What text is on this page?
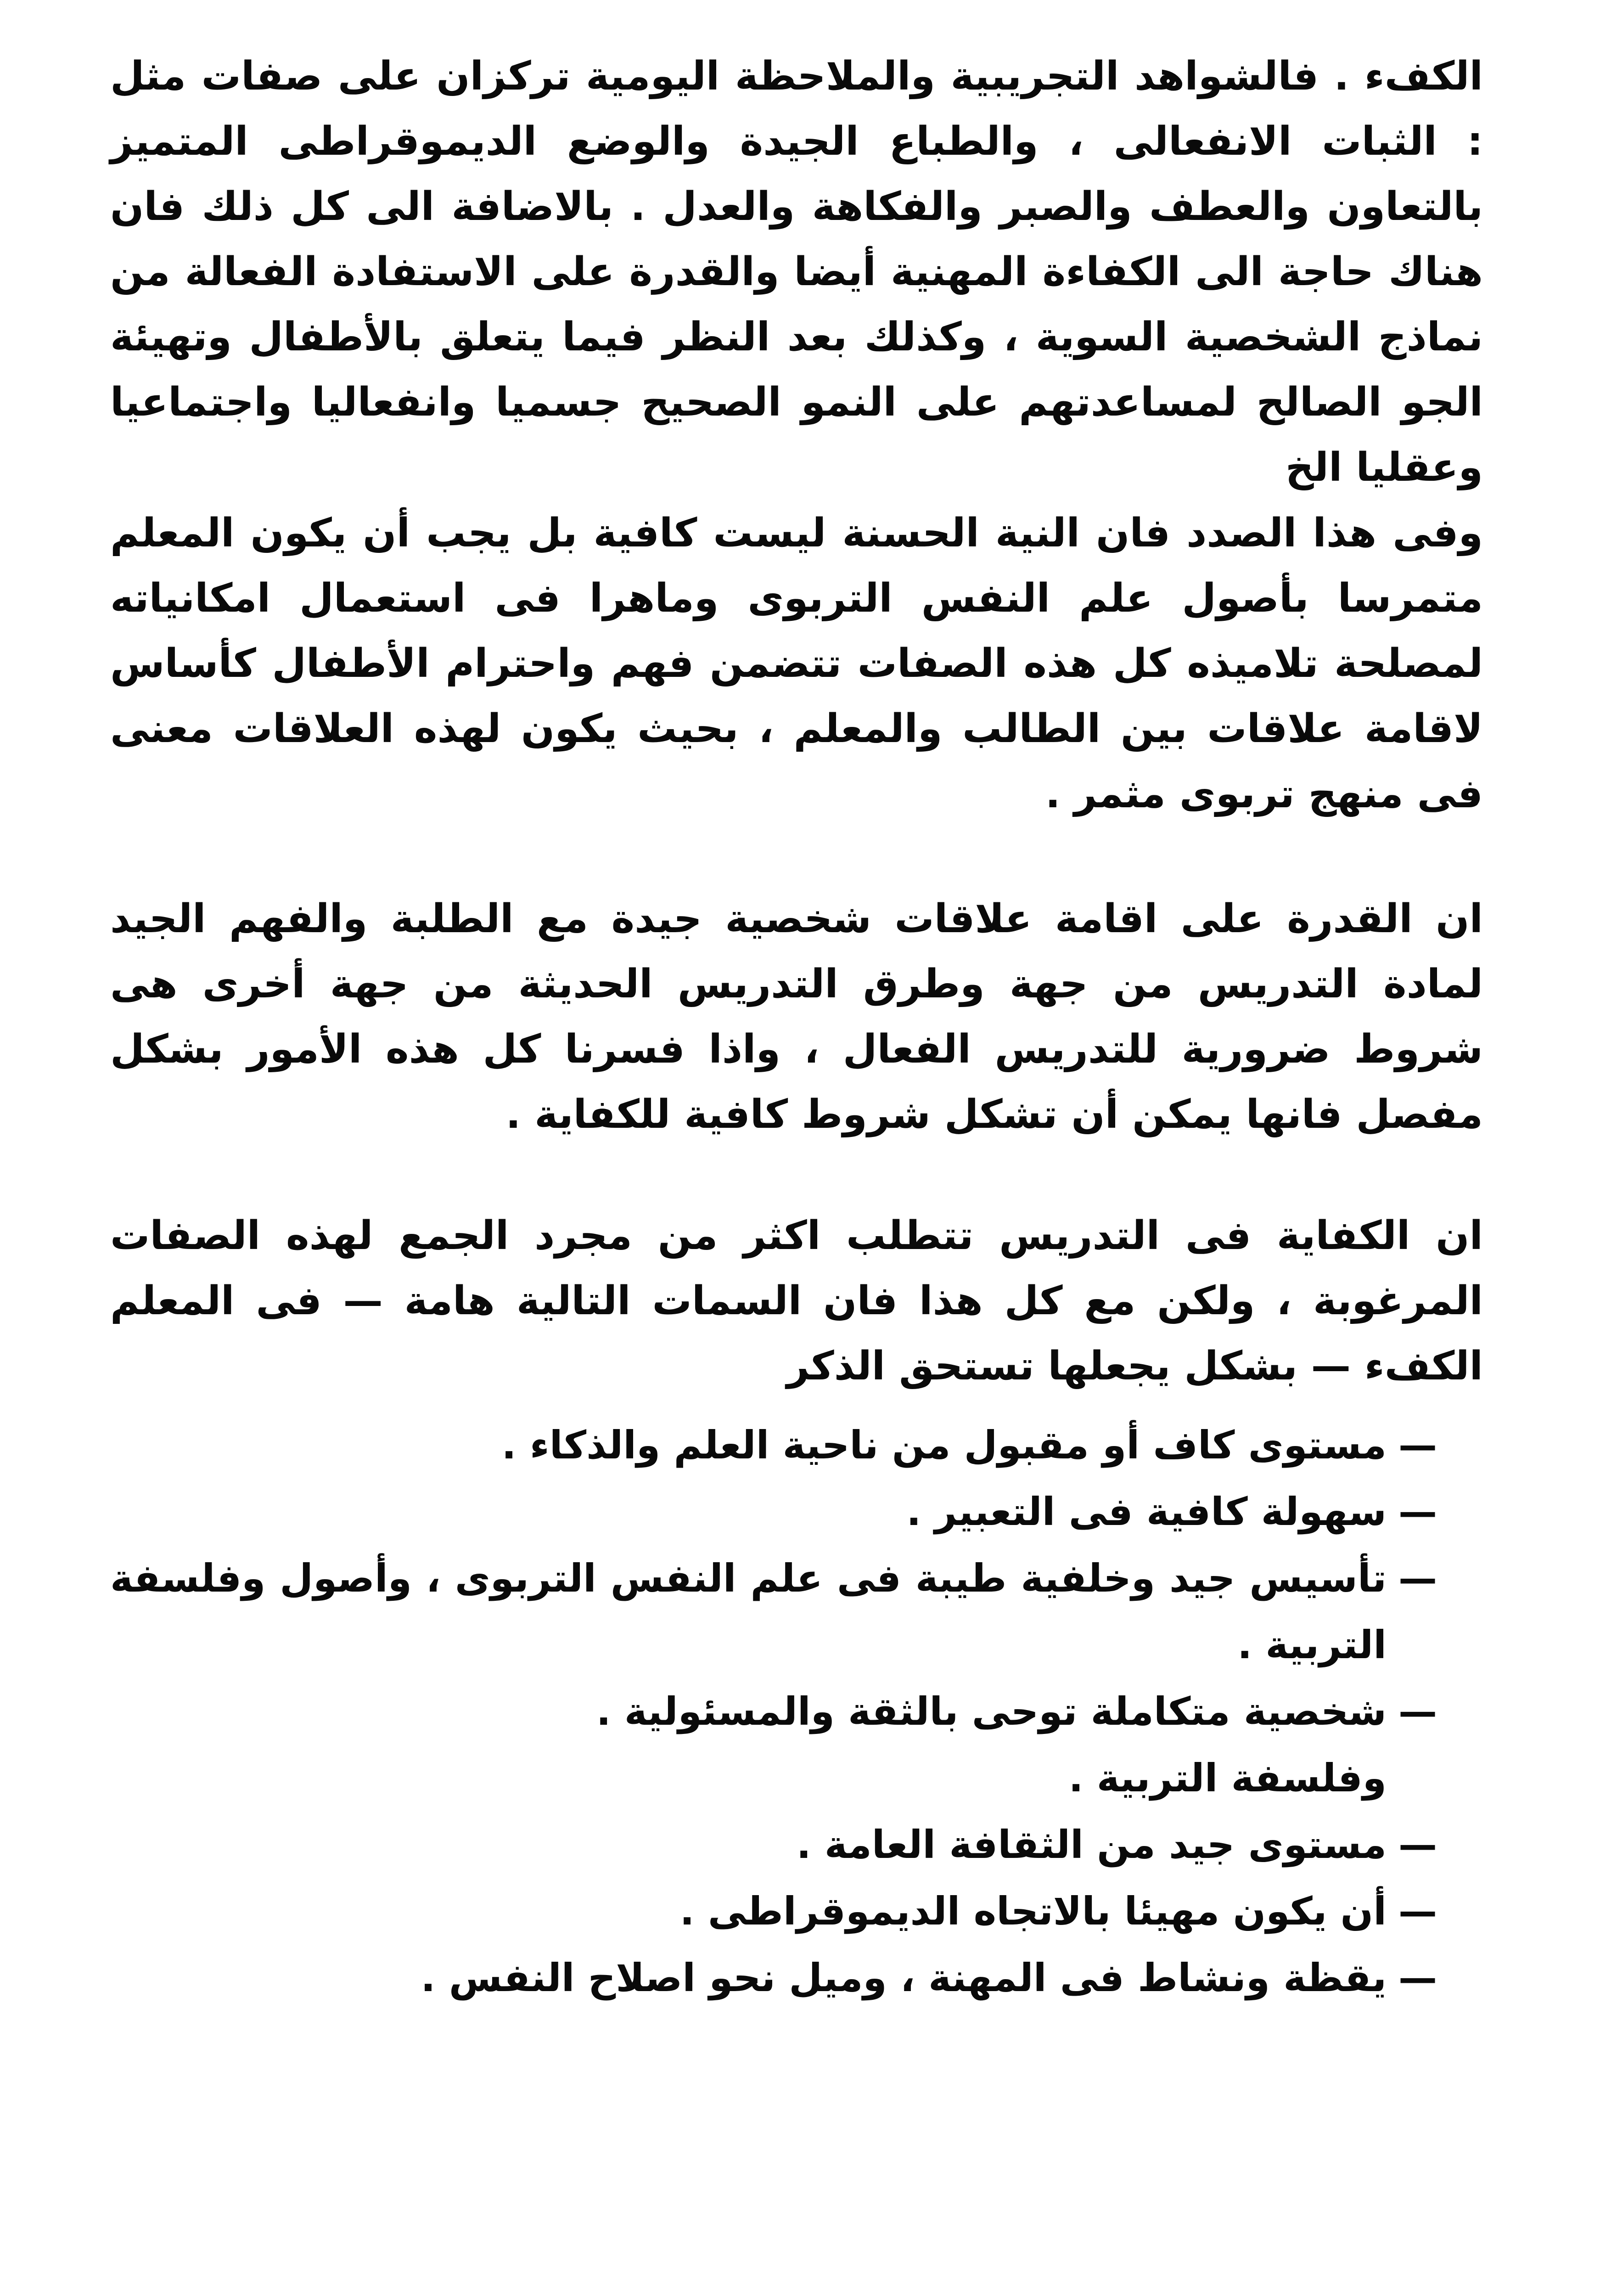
الكفء . فالشواهد التجريبية والملاحظة اليومية تركزان على صفات مثل : الثبات الانفعالى ، والطباع الجيدة والوضع الديموقراطى المتميز بالتعاون والعطف والصبر والفكاهة والعدل . بالاضافة الى كل ذلك فان هناك حاجة الى الكفاءة المهنية أيضا والقدرة على الاستفادة الفعالة من نماذج الشخصية السوية ، وكذلك بعد النظر فيما يتعلق بالأطفال وتهيئة الجو الصالح لمساعدتهم على النمو الصحيح جسميا وانفعاليا واجتماعيا وعقليا الخ

وفى هذا الصدد فان النية الحسنة ليست كافية بل يجب أن يكون المعلم متمرسا بأصول علم النفس التربوى وماهرا فى استعمال امكانياته لمصلحة تلاميذه كل هذه الصفات تتضمن فهم واحترام الأطفال كأساس لاقامة علاقات بين الطالب والمعلم ، بحيث يكون لهذه العلاقات معنى فى منهج تربوى مثمر .

ان القدرة على اقامة علاقات شخصية جيدة مع الطلبة والفهم الجيد لمادة التدريس من جهة وطرق التدريس الحديثة من جهة أخرى هى شروط ضرورية للتدريس الفعال ، واذا فسرنا كل هذه الأمور بشكل مفصل فانها يمكن أن تشكل شروط كافية للكفاية .

ان الكفاية فى التدريس تتطلب اكثر من مجرد الجمع لهذه الصفات المرغوبة ، ولكن مع كل هذا فان السمات التالية هامة — فى المعلم الكفء — بشكل يجعلها تستحق الذكر

—
مستوى كاف أو مقبول من ناحية العلم والذكاء .
—
سهولة كافية فى التعبير .
—
تأسيس جيد وخلفية طيبة فى علم النفس التربوى ، وأصول وفلسفة التربية .
—
شخصية متكاملة توحى بالثقة والمسئولية .
وفلسفة التربية .
—
مستوى جيد من الثقافة العامة .
—
أن يكون مهيئا بالاتجاه الديموقراطى .
—
يقظة ونشاط فى المهنة ، وميل نحو اصلاح النفس .
